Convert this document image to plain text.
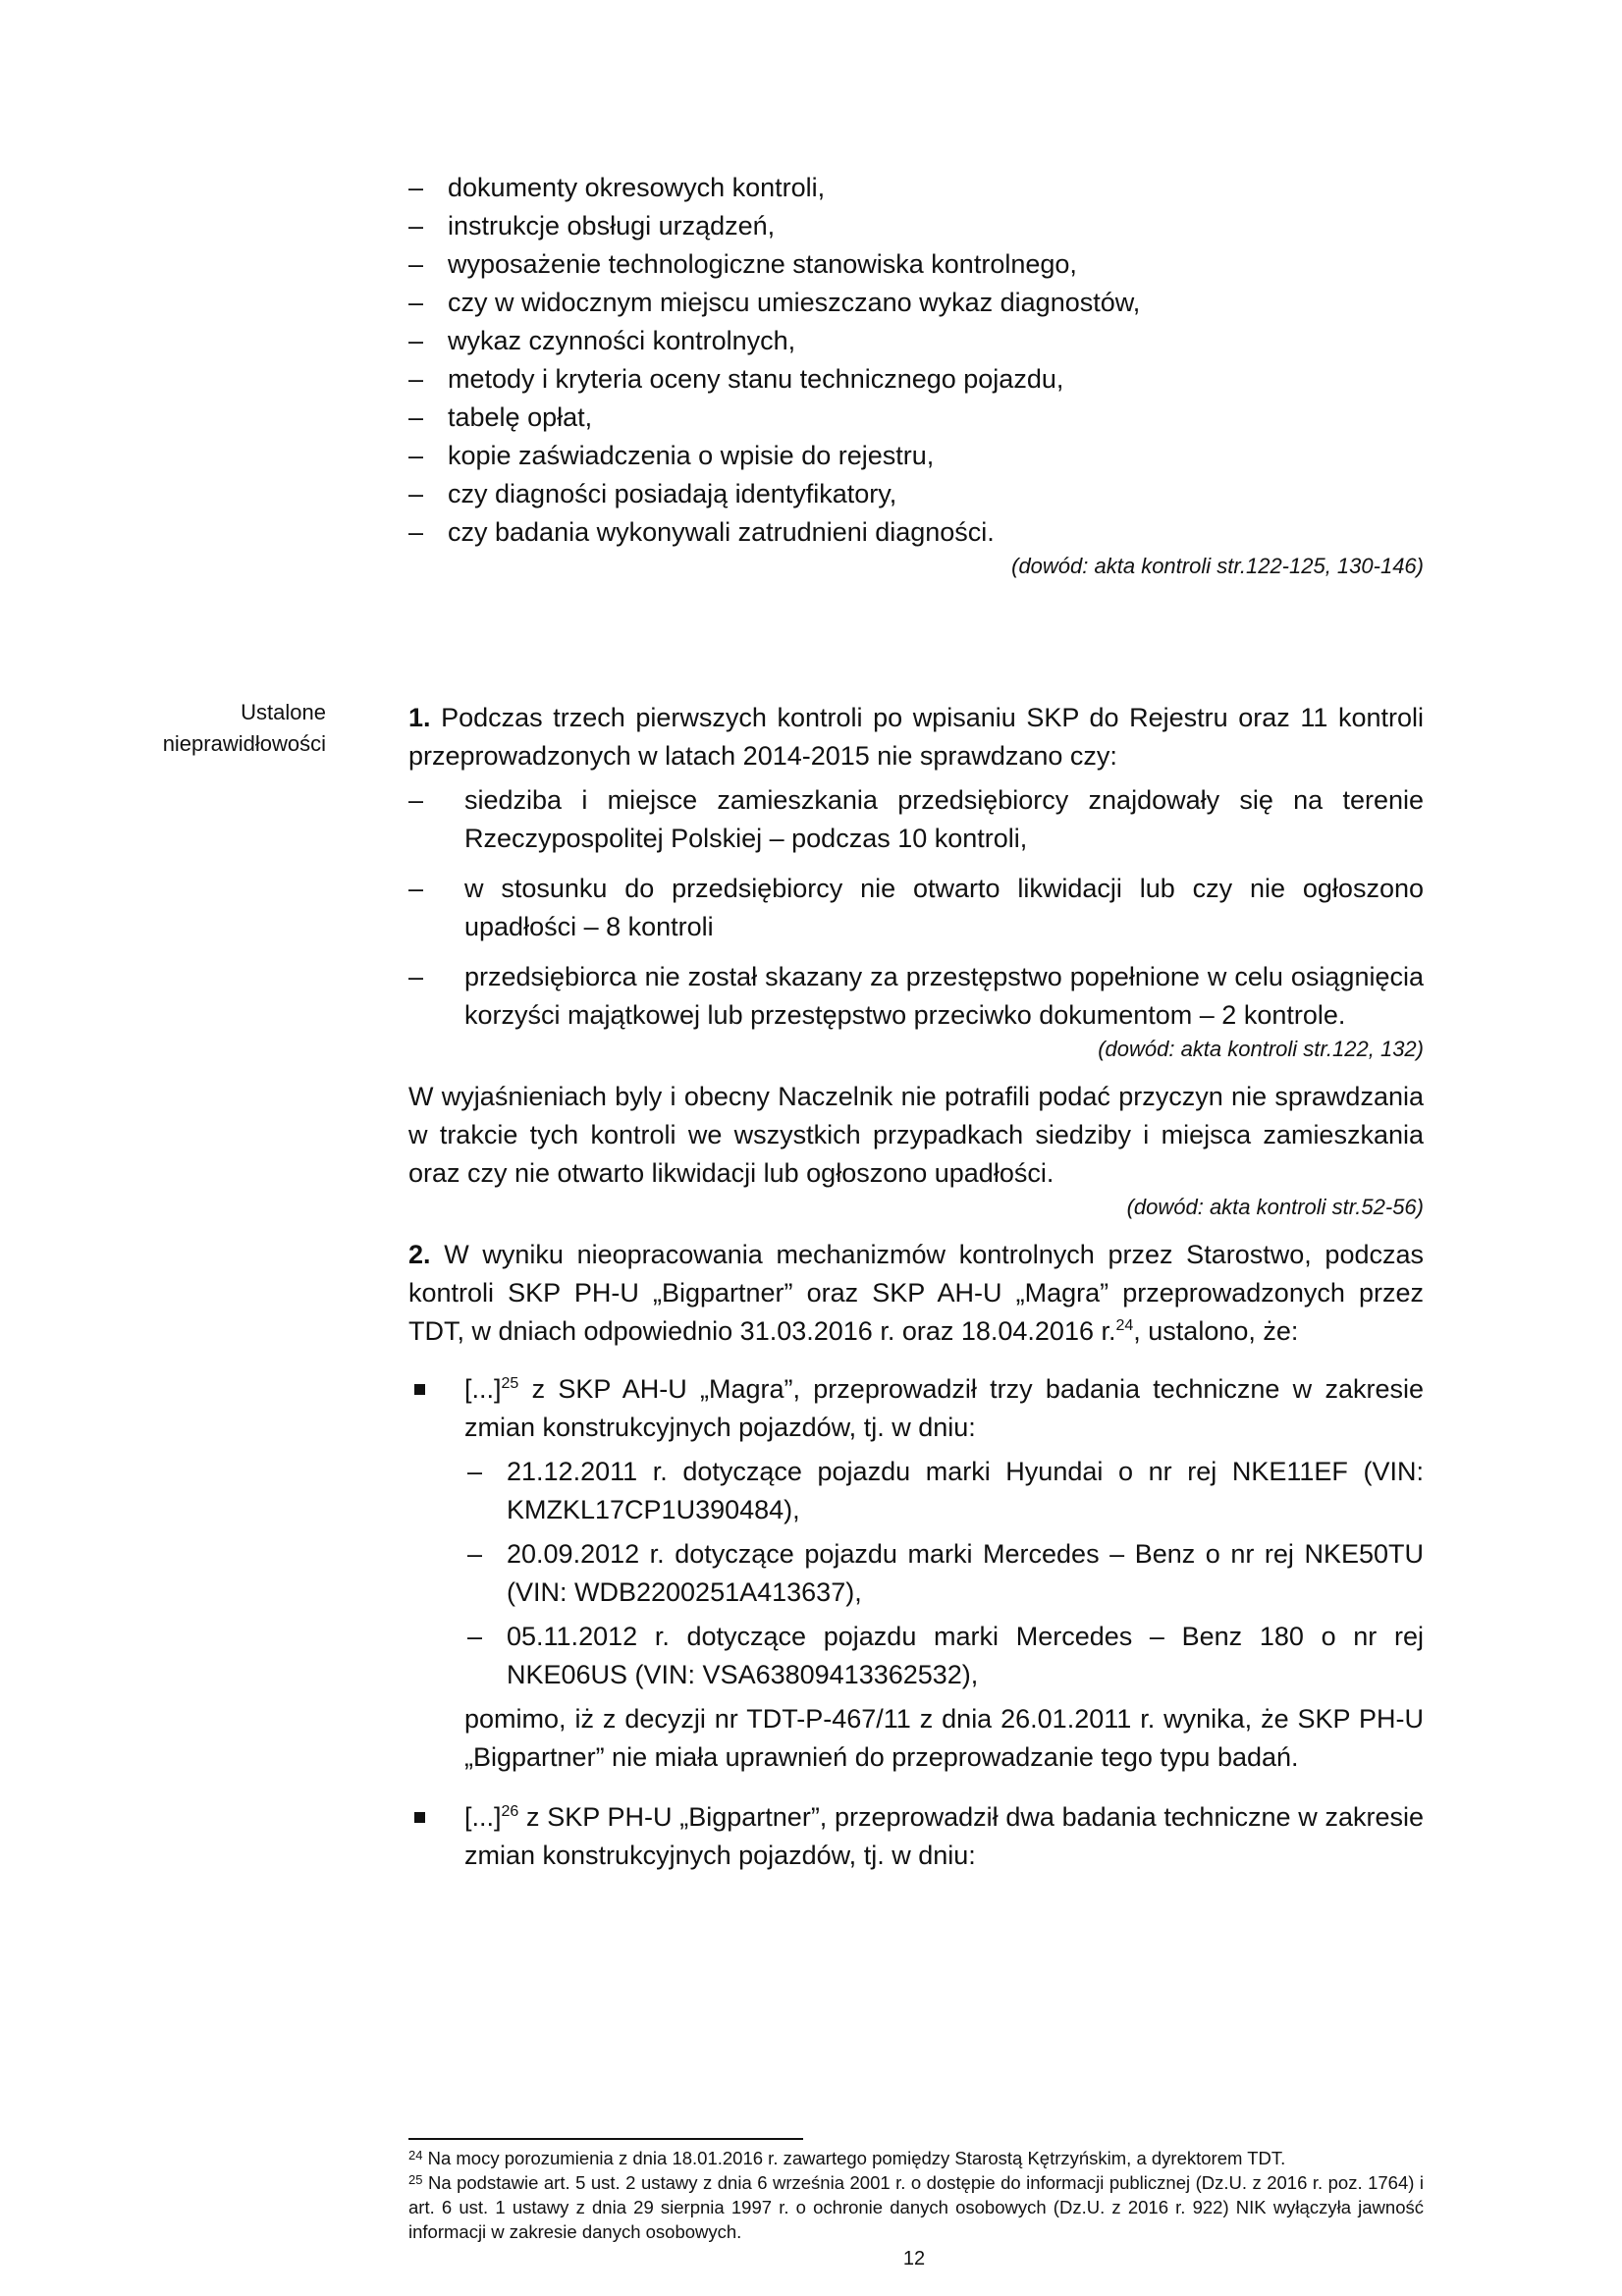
– dokumenty okresowych kontroli,
– instrukcje obsługi urządzeń,
– wyposażenie technologiczne stanowiska kontrolnego,
– czy w widocznym miejscu umieszczano wykaz diagnostów,
– wykaz czynności kontrolnych,
– metody i kryteria oceny stanu technicznego pojazdu,
– tabelę opłat,
– kopie zaświadczenia o wpisie do rejestru,
– czy diagności posiadają identyfikatory,
– czy badania wykonywali zatrudnieni diagności.
(dowód: akta kontroli str.122-125, 130-146)
Ustalone
nieprawidłowości
1. Podczas trzech pierwszych kontroli po wpisaniu SKP do Rejestru oraz 11 kontroli przeprowadzonych w latach 2014-2015 nie sprawdzano czy:
– siedziba i miejsce zamieszkania przedsiębiorcy znajdowały się na terenie Rzeczypospolitej Polskiej – podczas 10 kontroli,
– w stosunku do przedsiębiorcy nie otwarto likwidacji lub czy nie ogłoszono upadłości – 8 kontroli
– przedsiębiorca nie został skazany za przestępstwo popełnione w celu osiągnięcia korzyści majątkowej lub przestępstwo przeciwko dokumentom – 2 kontrole.
(dowód: akta kontroli str.122, 132)
W wyjaśnieniach byly i obecny Naczelnik nie potrafili podać przyczyn nie sprawdzania w trakcie tych kontroli we wszystkich przypadkach siedziby i miejsca zamieszkania oraz czy nie otwarto likwidacji lub ogłoszono upadłości.
(dowód: akta kontroli str.52-56)
2. W wyniku nieopracowania mechanizmów kontrolnych przez Starostwo, podczas kontroli SKP PH-U „Bigpartner” oraz SKP AH-U „Magra” przeprowadzonych przez TDT, w dniach odpowiednio 31.03.2016 r. oraz 18.04.2016 r.$^{24}$, ustalono, że:
[...]$^{25}$ z SKP AH-U „Magra”, przeprowadził trzy badania techniczne w zakresie zmian konstrukcyjnych pojazdów, tj. w dniu:
– 21.12.2011 r. dotyczące pojazdu marki Hyundai o nr rej NKE11EF (VIN: KMZKL17CP1U390484),
– 20.09.2012 r. dotyczące pojazdu marki Mercedes – Benz o nr rej NKE50TU (VIN: WDB2200251A413637),
– 05.11.2012 r. dotyczące pojazdu marki Mercedes – Benz 180 o nr rej NKE06US (VIN: VSA63809413362532),
pomimo, iż z decyzji nr TDT-P-467/11 z dnia 26.01.2011 r. wynika, że SKP PH-U „Bigpartner” nie miała uprawnień do przeprowadzanie tego typu badań.
[...]$^{26}$ z SKP PH-U „Bigpartner”, przeprowadził dwa badania techniczne w zakresie zmian konstrukcyjnych pojazdów, tj. w dniu:
$^{24}$ Na mocy porozumienia z dnia 18.01.2016 r. zawartego pomiędzy Starostą Kętrzyńskim, a dyrektorem TDT.
$^{25}$ Na podstawie art. 5 ust. 2 ustawy z dnia 6 września 2001 r. o dostępie do informacji publicznej (Dz.U. z 2016 r. poz. 1764) i art. 6 ust. 1 ustawy z dnia 29 sierpnia 1997 r. o ochronie danych osobowych (Dz.U. z 2016 r. 922) NIK wyłączyła jawność informacji w zakresie danych osobowych.
12
